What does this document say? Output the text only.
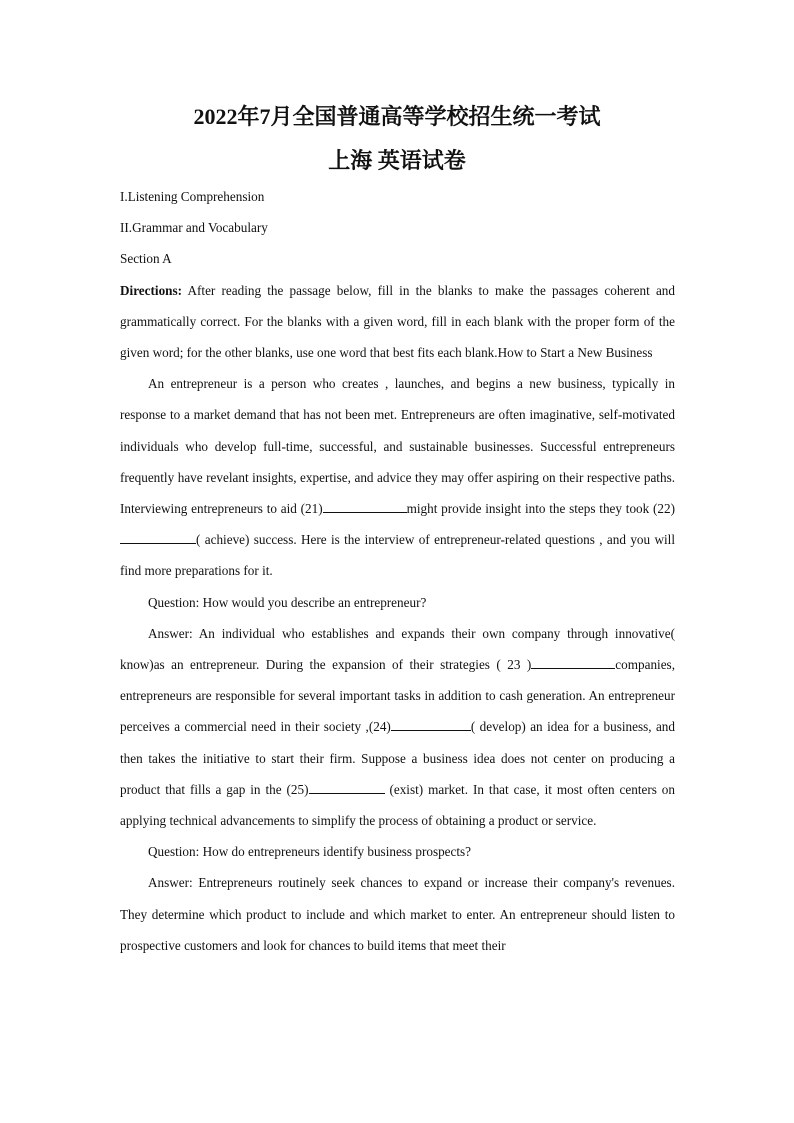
2022年7月全国普通高等学校招生统一考试
上海 英语试卷

I.Listening Comprehension

II.Grammar and Vocabulary

Section A

Directions: After reading the passage below, fill in the blanks to make the passages coherent and grammatically correct. For the blanks with a given word, fill in each blank with the proper form of the given word; for the other blanks, use one word that best fits each blank.How to Start a New Business

An entrepreneur is a person who creates , launches, and begins a new business, typically in response to a market demand that has not been met. Entrepreneurs are often imaginative, self-motivated individuals who develop full-time, successful, and sustainable businesses. Successful entrepreneurs frequently have revelant insights, expertise, and advice they may offer aspiring on their respective paths. Interviewing entrepreneurs to aid (21)	might provide insight into the steps they took (22)( achieve) success. Here is the interview of entrepreneur-related questions , and you will find more preparations for it.

Question: How would you describe an entrepreneur?

Answer: An individual who establishes and expands their own company through innovative( know)as an entrepreneur. During the expansion of their strategies ( 23 )	companies, entrepreneurs are responsible for several important tasks in addition to cash generation. An entrepreneur perceives a commercial need in their society ,(24)	( develop) an idea for a business, and then takes the initiative to start their firm. Suppose a business idea does not center on producing a product that fills a gap in the (25)	(exist) market. In that case, it most often centers on applying technical advancements to simplify the process of obtaining a product or service.

Question: How do entrepreneurs identify business prospects?

Answer: Entrepreneurs routinely seek chances to expand or increase their company's revenues. They determine which product to include and which market to enter. An entrepreneur should listen to prospective customers and look for chances to build items that meet their
